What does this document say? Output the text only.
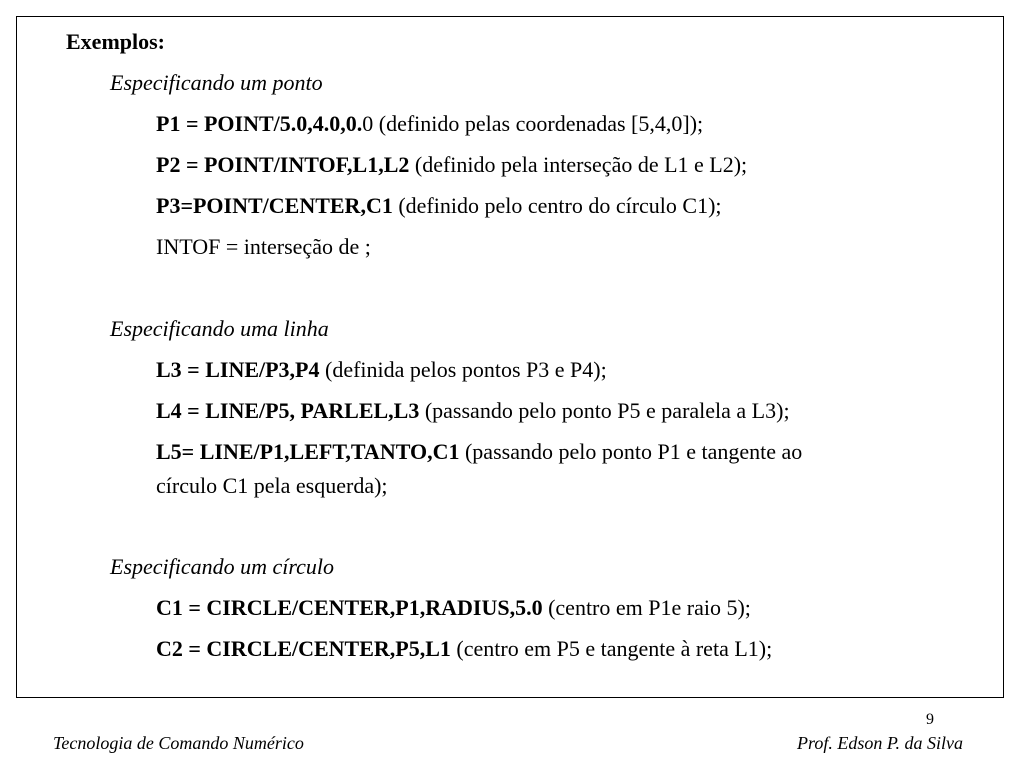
Exemplos:
Especificando um ponto
P1 = POINT/5.0,4.0,0.0 (definido pelas coordenadas [5,4,0]);
P2 = POINT/INTOF,L1,L2 (definido pela interseção de L1 e L2);
P3=POINT/CENTER,C1 (definido pelo centro do círculo C1);
INTOF = interseção de ;
Especificando uma linha
L3 = LINE/P3,P4 (definida pelos pontos P3 e P4);
L4 = LINE/P5, PARLEL,L3 (passando pelo ponto P5 e paralela a L3);
L5= LINE/P1,LEFT,TANTO,C1 (passando pelo ponto P1 e tangente ao
círculo C1 pela esquerda);
Especificando um círculo
C1 = CIRCLE/CENTER,P1,RADIUS,5.0 (centro em P1e raio 5);
C2 = CIRCLE/CENTER,P5,L1 (centro em P5 e tangente à reta L1);
9
Tecnologia de Comando Numérico	Prof. Edson P. da Silva
